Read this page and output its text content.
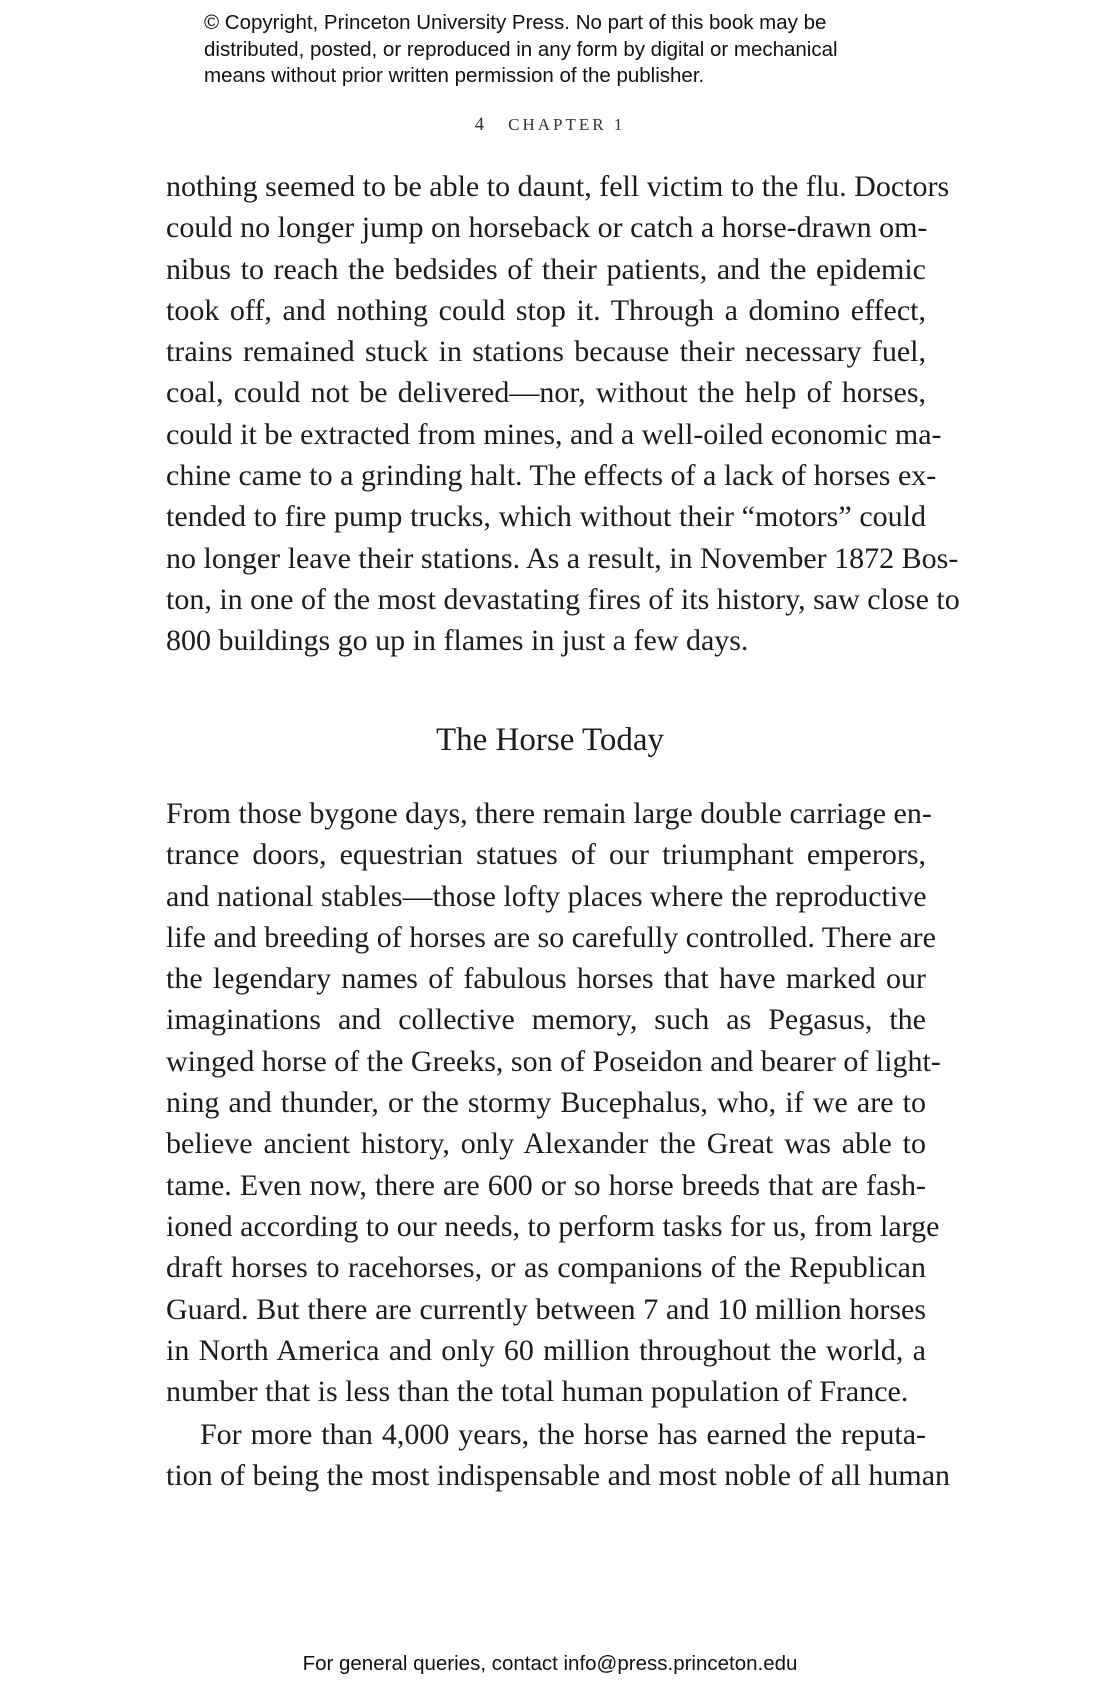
© Copyright, Princeton University Press. No part of this book may be
distributed, posted, or reproduced in any form by digital or mechanical
means without prior written permission of the publisher.
4 CHAPTER 1
nothing seemed to be able to daunt, fell victim to the flu. Doctors
could no longer jump on horseback or catch a horse-drawn om-
nibus to reach the bedsides of their patients, and the epidemic
took off, and nothing could stop it. Through a domino effect,
trains remained stuck in stations because their necessary fuel,
coal, could not be delivered—nor, without the help of horses,
could it be extracted from mines, and a well-oiled economic ma-
chine came to a grinding halt. The effects of a lack of horses ex-
tended to fire pump trucks, which without their “motors” could
no longer leave their stations. As a result, in November 1872 Bos-
ton, in one of the most devastating fires of its history, saw close to
800 buildings go up in flames in just a few days.
The Horse Today
From those bygone days, there remain large double carriage en-
trance doors, equestrian statues of our triumphant emperors,
and national stables—those lofty places where the reproductive
life and breeding of horses are so carefully controlled. There are
the legendary names of fabulous horses that have marked our
imaginations and collective memory, such as Pegasus, the
winged horse of the Greeks, son of Poseidon and bearer of light-
ning and thunder, or the stormy Bucephalus, who, if we are to
believe ancient history, only Alexander the Great was able to
tame. Even now, there are 600 or so horse breeds that are fash-
ioned according to our needs, to perform tasks for us, from large
draft horses to racehorses, or as companions of the Republican
Guard. But there are currently between 7 and 10 million horses
in North America and only 60 million throughout the world, a
number that is less than the total human population of France.
For more than 4,000 years, the horse has earned the reputa-
tion of being the most indispensable and most noble of all human
For general queries, contact info@press.princeton.edu
